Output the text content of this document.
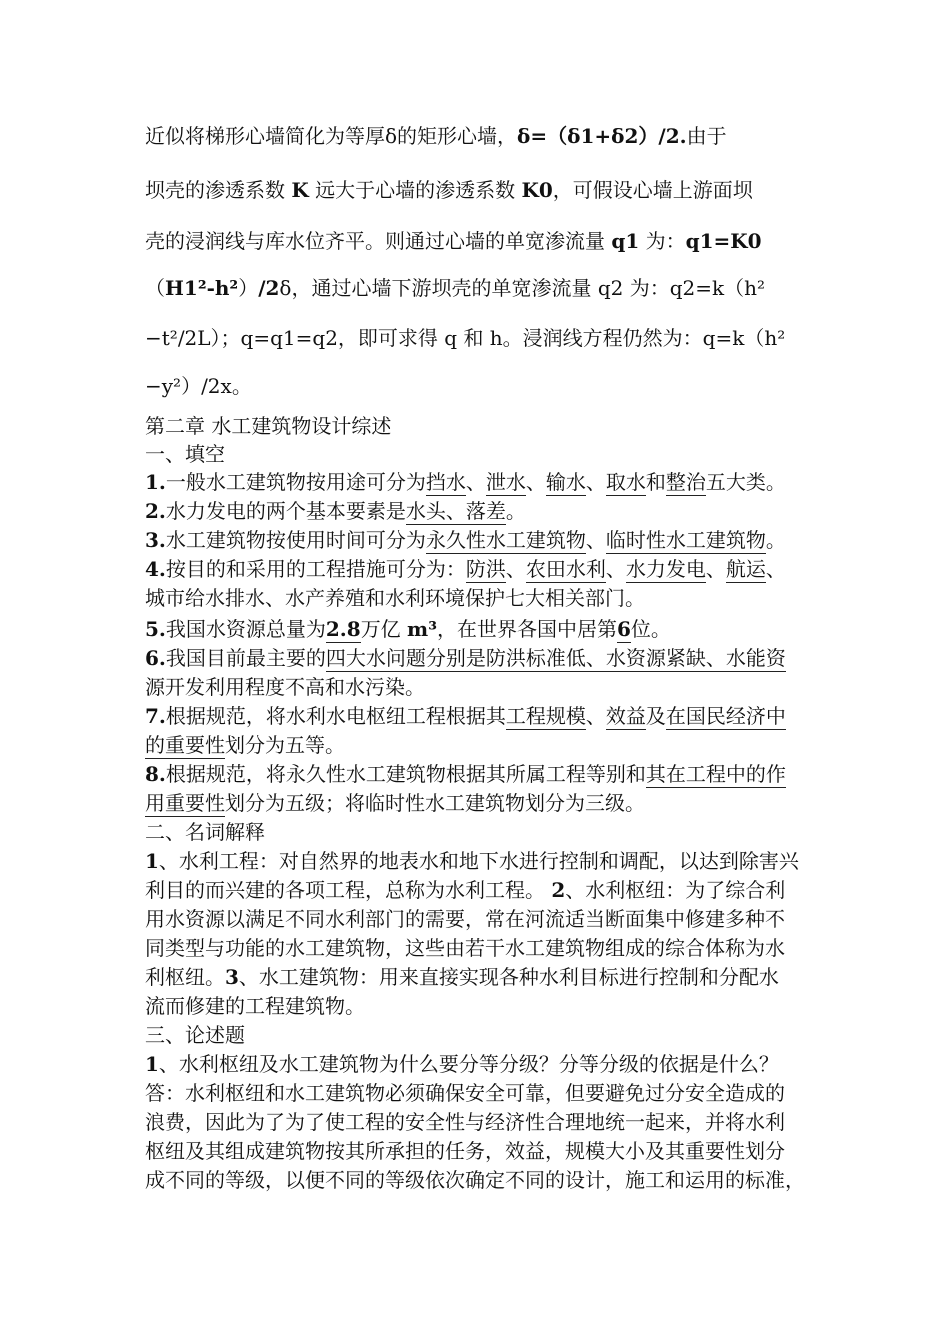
近似将梯形心墙简化为等厚δ的矩形心墙，δ=（δ1+δ2）/2.由于
坝壳的渗透系数 K 远大于心墙的渗透系数 K0，可假设心墙上游面坝
壳的浸润线与库水位齐平。则通过心墙的单宽渗流量 q1 为：q1=K0
（H1²-h²）/2δ，通过心墙下游坝壳的单宽渗流量 q2 为：q2=k（h²
−t²/2L）；q=q1=q2，即可求得 q 和 h。浸润线方程仍然为：q=k（h²
−y²）/2x。
第二章 水工建筑物设计综述
一、填空
1.一般水工建筑物按用途可分为挡水、泄水、输水、取水和整治五大类。
2.水力发电的两个基本要素是水头、落差。
3.水工建筑物按使用时间可分为永久性水工建筑物、临时性水工建筑物。
4.按目的和采用的工程措施可分为：防洪、农田水利、水力发电、航运、
城市给水排水、水产养殖和水利环境保护七大相关部门。
5.我国水资源总量为2.8万亿 m³，在世界各国中居第6位。
6.我国目前最主要的四大水问题分别是防洪标准低、水资源紧缺、水能资
源开发利用程度不高和水污染。
7.根据规范，将水利水电枢纽工程根据其工程规模、效益及在国民经济中
的重要性划分为五等。
8.根据规范，将永久性水工建筑物根据其所属工程等别和其在工程中的作
用重要性划分为五级；将临时性水工建筑物划分为三级。
二、名词解释
1、水利工程：对自然界的地表水和地下水进行控制和调配，以达到除害兴
利目的而兴建的各项工程，总称为水利工程。 2、水利枢纽：为了综合利
用水资源以满足不同水利部门的需要，常在河流适当断面集中修建多种不
同类型与功能的水工建筑物，这些由若干水工建筑物组成的综合体称为水
利枢纽。3、水工建筑物：用来直接实现各种水利目标进行控制和分配水
流而修建的工程建筑物。
三、论述题
1、水利枢纽及水工建筑物为什么要分等分级？分等分级的依据是什么？
答：水利枢纽和水工建筑物必须确保安全可靠，但要避免过分安全造成的
浪费，因此为了为了使工程的安全性与经济性合理地统一起来，并将水利
枢纽及其组成建筑物按其所承担的任务，效益，规模大小及其重要性划分
成不同的等级，以便不同的等级依次确定不同的设计，施工和运用的标准，
